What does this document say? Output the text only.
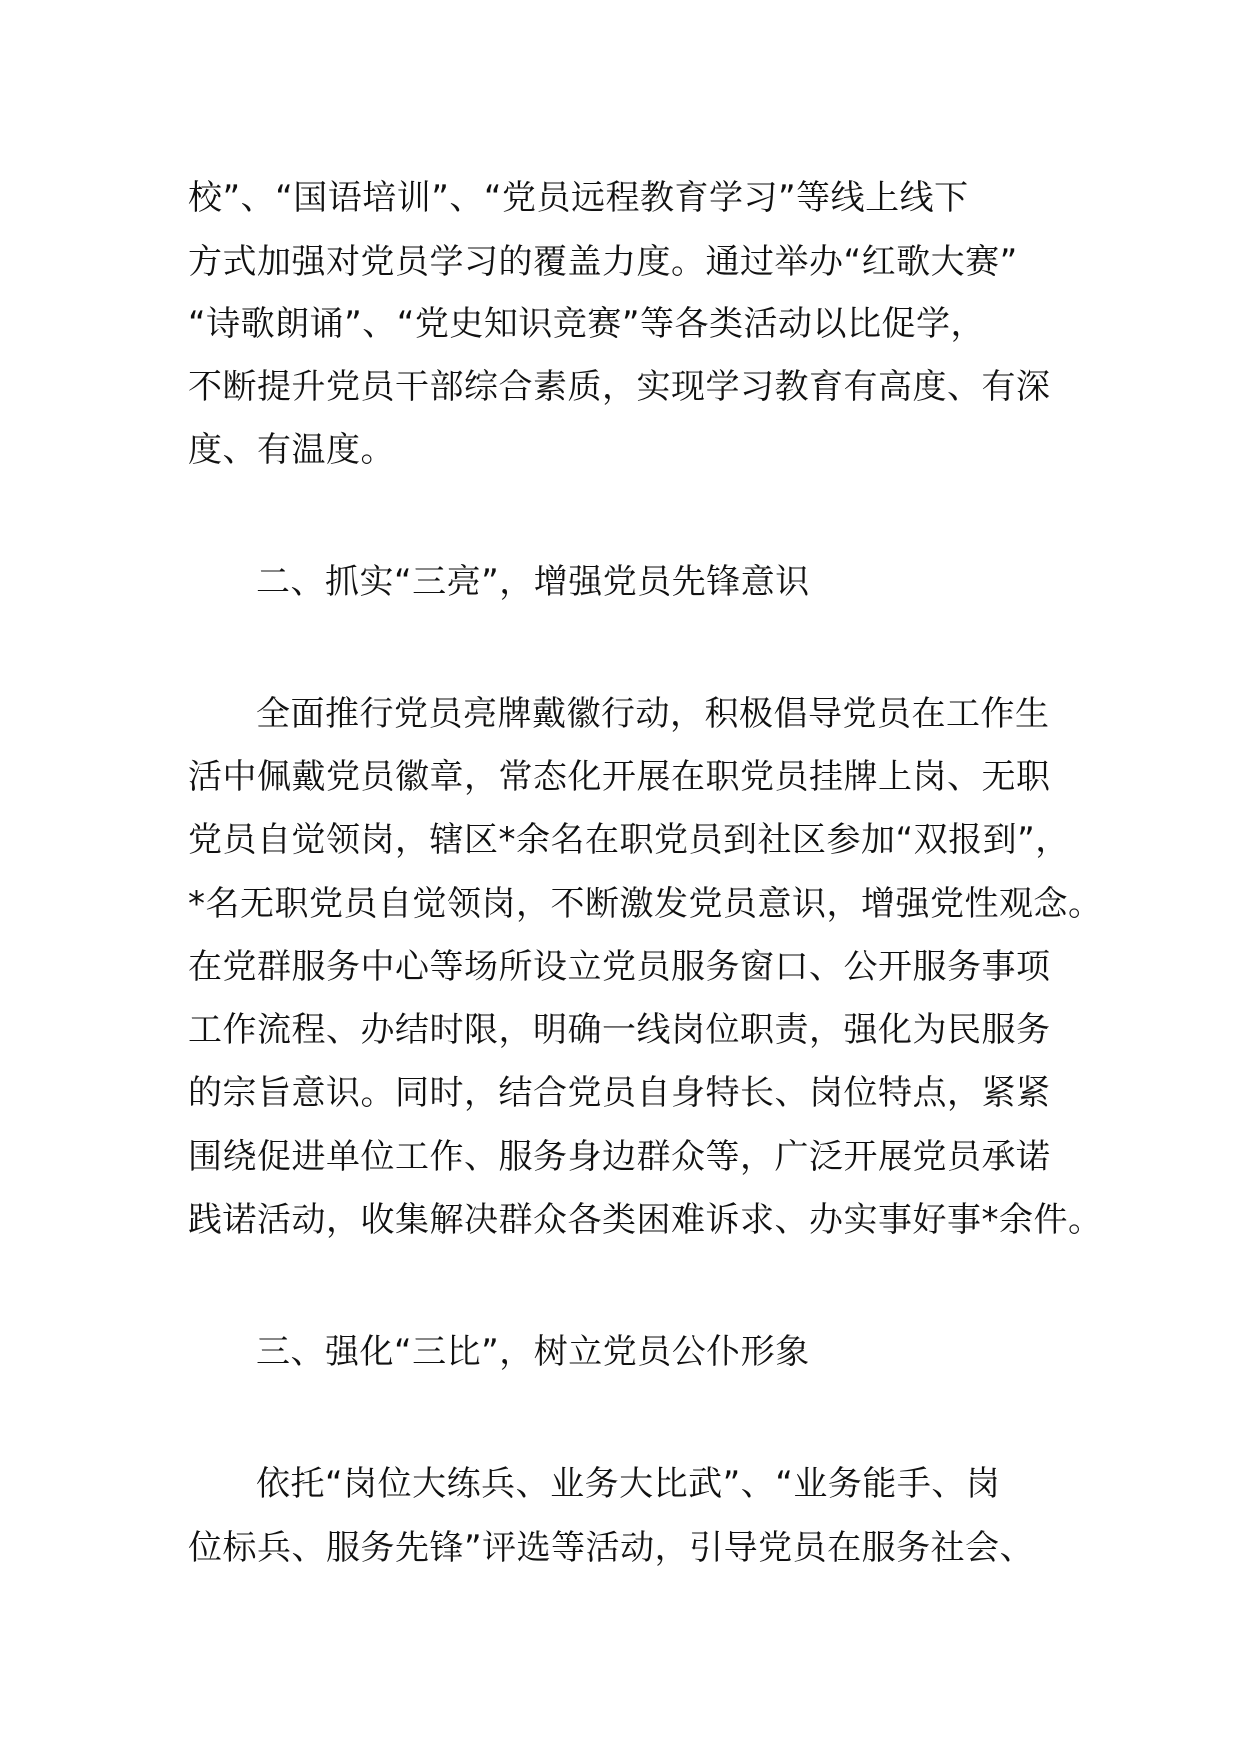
校”、“国语培训”、“党员远程教育学习”等线上线下
方式加强对党员学习的覆盖力度。通过举办“红歌大赛”
“诗歌朗诵”、“党史知识竞赛”等各类活动以比促学，
不断提升党员干部综合素质，实现学习教育有高度、有深
度、有温度。
二、抓实“三亮”，增强党员先锋意识
全面推行党员亮牌戴徽行动，积极倡导党员在工作生
活中佩戴党员徽章，常态化开展在职党员挂牌上岗、无职
党员自觉领岗，辖区*余名在职党员到社区参加“双报到”，
*名无职党员自觉领岗，不断激发党员意识，增强党性观念。
在党群服务中心等场所设立党员服务窗口、公开服务事项
工作流程、办结时限，明确一线岗位职责，强化为民服务
的宗旨意识。同时，结合党员自身特长、岗位特点，紧紧
围绕促进单位工作、服务身边群众等，广泛开展党员承诺
践诺活动，收集解决群众各类困难诉求、办实事好事*余件。
三、强化“三比”，树立党员公仆形象
依托“岗位大练兵、业务大比武”、“业务能手、岗
位标兵、服务先锋”评选等活动，引导党员在服务社会、
